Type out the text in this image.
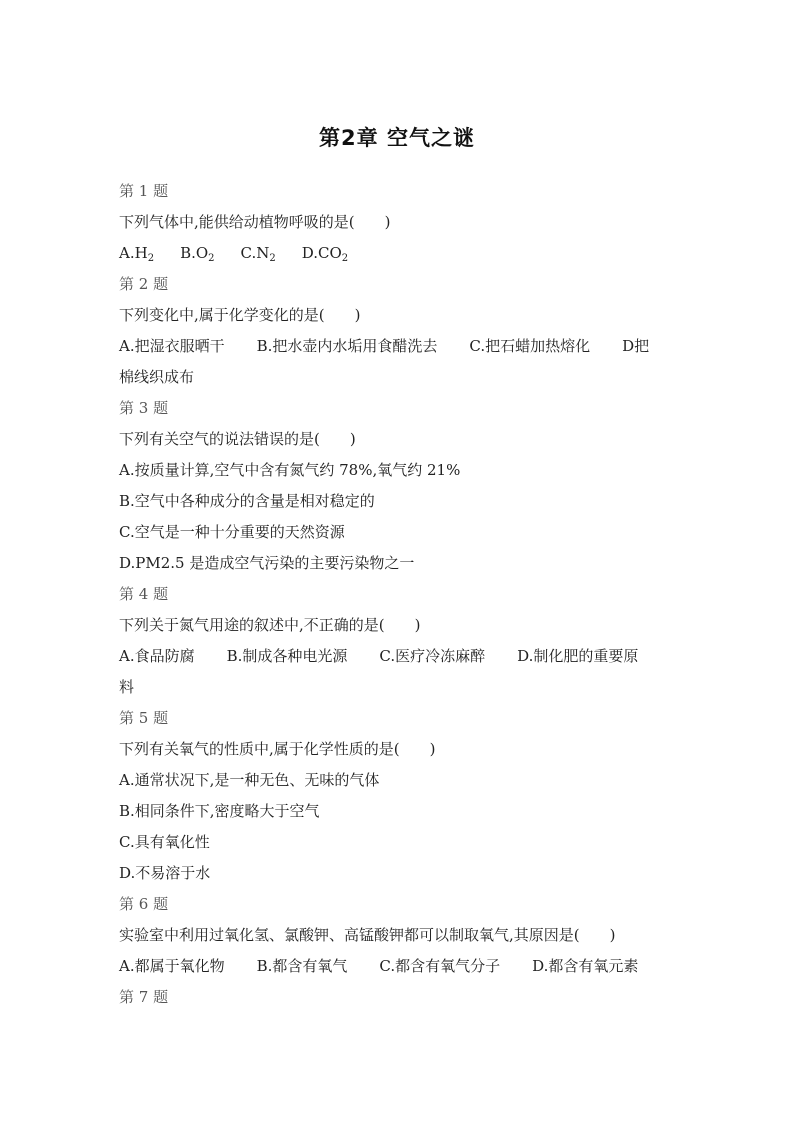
第2章 空气之谜
第 1 题
下列气体中,能供给动植物呼吸的是(　　)
$A.H_2$ $B.O_2$ $C.N_2$ $D.CO_2$
第 2 题
下列变化中,属于化学变化的是(　　)
A.把湿衣服晒干 B.把水壶内水垢用食醋洗去 C.把石蜡加热熔化 D把
棉线织成布
第 3 题
下列有关空气的说法错误的是(　　)
A.按质量计算,空气中含有氮气约 78%,氧气约 21%
B.空气中各种成分的含量是相对稳定的
C.空气是一种十分重要的天然资源
D.PM2.5 是造成空气污染的主要污染物之一
第 4 题
下列关于氮气用途的叙述中,不正确的是(　　)
A.食品防腐 B.制成各种电光源 C.医疗冷冻麻醉 D.制化肥的重要原
料
第 5 题
下列有关氧气的性质中,属于化学性质的是(　　)
A.通常状况下,是一种无色、无味的气体
B.相同条件下,密度略大于空气
C.具有氧化性
D.不易溶于水
第 6 题
实验室中利用过氧化氢、氯酸钾、高锰酸钾都可以制取氧气,其原因是(　　)
A.都属于氧化物 B.都含有氧气 C.都含有氧气分子 D.都含有氧元素
第 7 题
